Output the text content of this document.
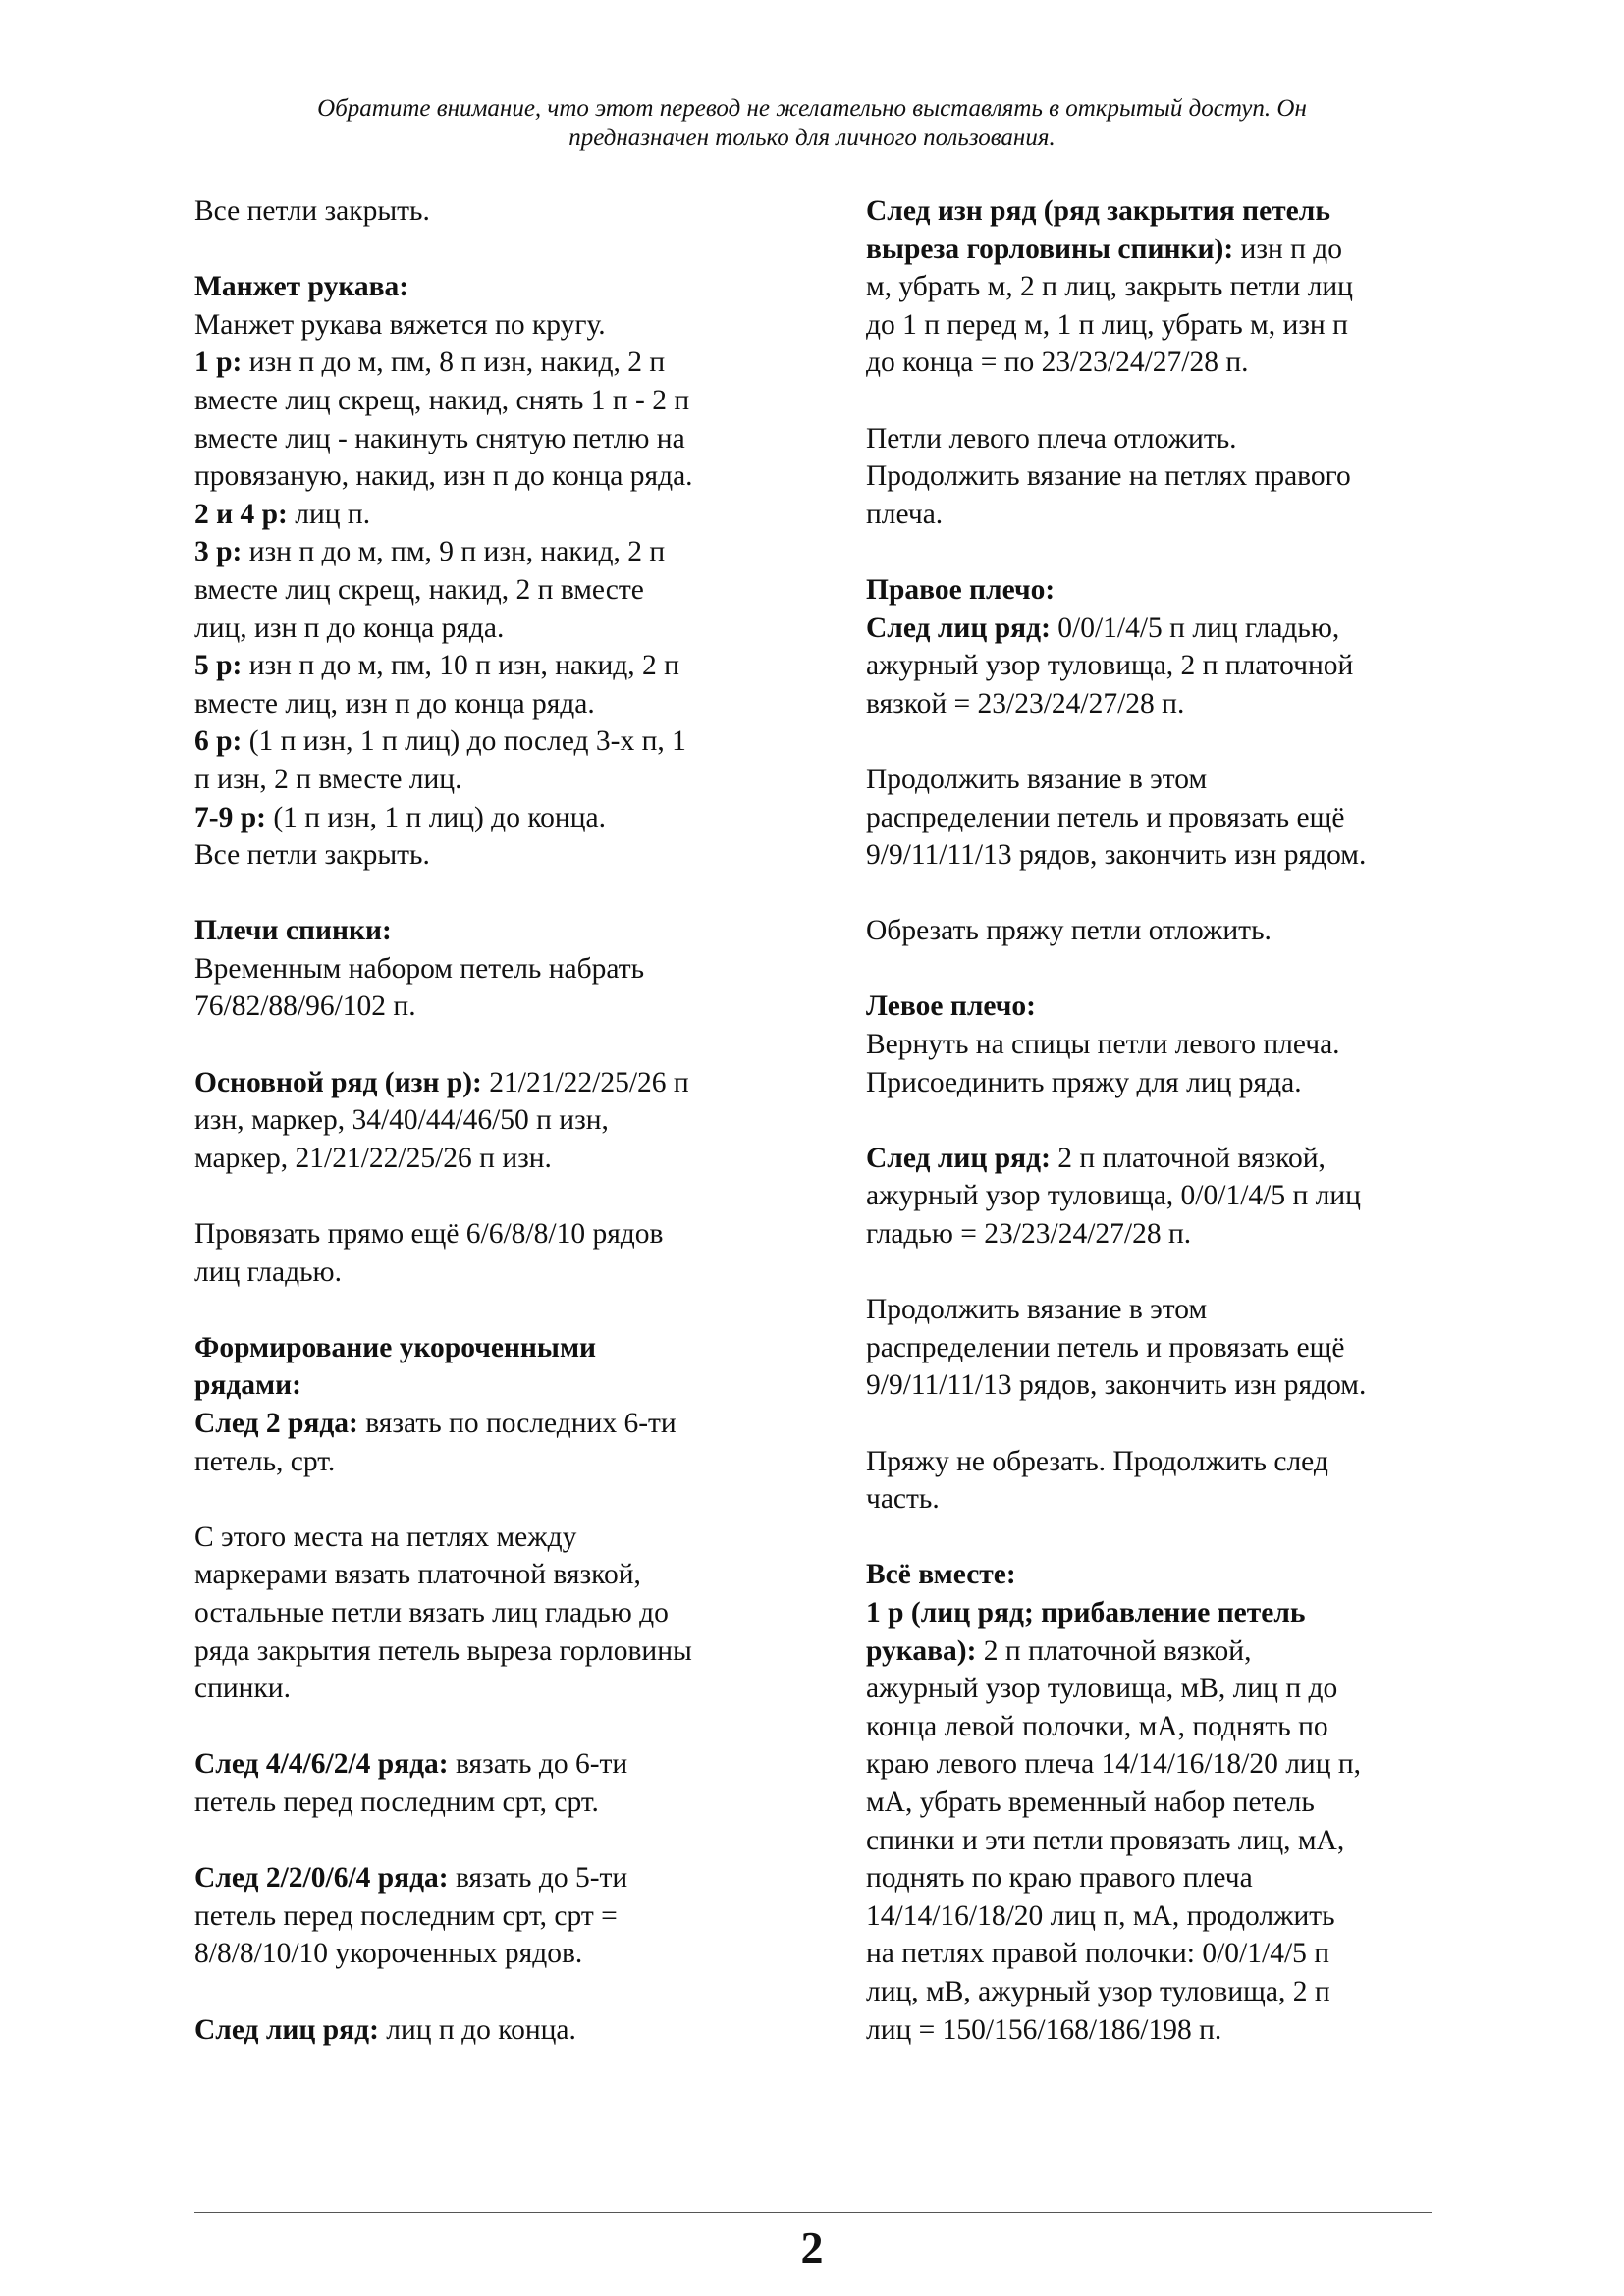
Обратите внимание, что этот перевод не желательно выставлять в открытый доступ. Он
предназначен только для личного пользования.

Все петли закрыть.

Манжет рукава:
Манжет рукава вяжется по кругу.
1 р: изн п до м, пм, 8 п изн, накид, 2 п
вместе лиц скрещ, накид, снять 1 п - 2 п
вместе лиц - накинуть снятую петлю на
провязаную, накид, изн п до конца ряда.
2 и 4 р: лиц п.
3 р: изн п до м, пм, 9 п изн, накид, 2 п
вместе лиц скрещ, накид, 2 п вместе
лиц, изн п до конца ряда.
5 р: изн п до м, пм, 10 п изн, накид, 2 п
вместе лиц, изн п до конца ряда.
6 р: (1 п изн, 1 п лиц) до послед 3-х п, 1
п изн, 2 п вместе лиц.
7-9 р: (1 п изн, 1 п лиц) до конца.
Все петли закрыть.

Плечи спинки:
Временным набором петель набрать
76/82/88/96/102 п.

Основной ряд (изн р): 21/21/22/25/26 п
изн, маркер, 34/40/44/46/50 п изн,
маркер, 21/21/22/25/26 п изн.

Провязать прямо ещё 6/6/8/8/10 рядов
лиц гладью.

Формирование укороченными
рядами:
След 2 ряда: вязать по последних 6-ти
петель, срт.

С этого места на петлях между
маркерами вязать платочной вязкой,
остальные петли вязать лиц гладью до
ряда закрытия петель выреза горловины
спинки.

След 4/4/6/2/4 ряда: вязать до 6-ти
петель перед последним срт, срт.

След 2/2/0/6/4 ряда: вязать до 5-ти
петель перед последним срт, срт =
8/8/8/10/10 укороченных рядов.

След лиц ряд: лиц п до конца.

След изн ряд (ряд закрытия петель
выреза горловины спинки): изн п до
м, убрать м, 2 п лиц, закрыть петли лиц
до 1 п перед м, 1 п лиц, убрать м, изн п
до конца = по 23/23/24/27/28 п.

Петли левого плеча отложить.
Продолжить вязание на петлях правого
плеча.

Правое плечо:
След лиц ряд: 0/0/1/4/5 п лиц гладью,
ажурный узор туловища, 2 п платочной
вязкой = 23/23/24/27/28 п.

Продолжить вязание в этом
распределении петель и провязать ещё
9/9/11/11/13 рядов, закончить изн рядом.

Обрезать пряжу петли отложить.

Левое плечо:
Вернуть на спицы петли левого плеча.
Присоединить пряжу для лиц ряда.

След лиц ряд: 2 п платочной вязкой,
ажурный узор туловища, 0/0/1/4/5 п лиц
гладью = 23/23/24/27/28 п.

Продолжить вязание в этом
распределении петель и провязать ещё
9/9/11/11/13 рядов, закончить изн рядом.

Пряжу не обрезать. Продолжить след
часть.

Всё вместе:
1 р (лиц ряд; прибавление петель
рукава): 2 п платочной вязкой,
ажурный узор туловища, мВ, лиц п до
конца левой полочки, мА, поднять по
краю левого плеча 14/14/16/18/20 лиц п,
мА, убрать временный набор петель
спинки и эти петли провязать лиц, мА,
поднять по краю правого плеча
14/14/16/18/20 лиц п, мА, продолжить
на петлях правой полочки: 0/0/1/4/5 п
лиц, мВ, ажурный узор туловища, 2 п
лиц = 150/156/168/186/198 п.

2
